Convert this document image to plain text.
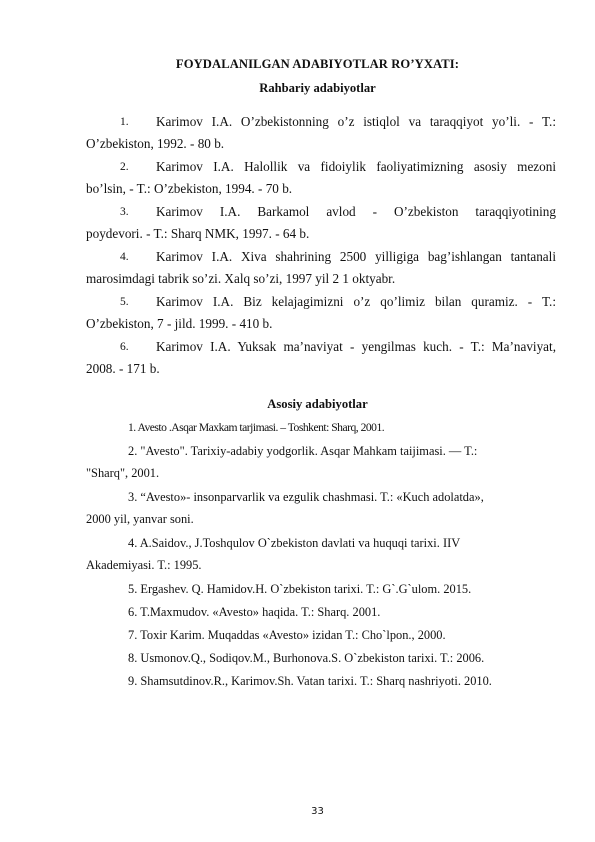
FOYDALANILGAN ADABIYOTLAR RO’YXATI:
Rahbariy adabiyotlar
1. Karimov I.A. O’zbekistonning o’z istiqlol va taraqqiyot yo’li. - T.:
O’zbekiston, 1992. - 80 b.
2. Karimov I.A. Halollik va fidoiylik faoliyatimizning asosiy mezoni
bo’lsin, - T.: O’zbekiston, 1994. - 70 b.
3. Karimov I.A. Barkamol avlod - O’zbekiston taraqqiyotining
poydevori. - T.: Sharq NMK, 1997. - 64 b.
4. Karimov I.A. Xiva shahrining 2500 yilligiga bag’ishlangan tantanali
marosimdagi tabrik so’zi. Xalq so’zi, 1997 yil 2 1 oktyabr.
5. Karimov I.A. Biz kelajagimizni o’z qo’limiz bilan quramiz. - T.:
O’zbekiston, 7 - jild. 1999. - 410 b.
6. Karimov I.A. Yuksak ma’naviyat - yengilmas kuch. - T.: Ma’naviyat,
2008. - 171 b.
Asosiy adabiyotlar
1. Avesto .Asqar Maxkam tarjimasi. – Toshkent: Sharq, 2001.
2. "Avesto". Tarixiy-adabiy yodgorlik. Asqar Mahkam taijimasi. — T.:
"Sharq", 2001.
3. “Avesto»- insonparvarlik va ezgulik chashmasi. T.: «Kuch adolatda»,
2000 yil, yanvar soni.
4. A.Saidov., J.Toshqulov O`zbekiston davlati va huquqi tarixi. IIV
Akademiyasi. T.: 1995.
5. Ergashev. Q. Hamidov.H. O`zbekiston tarixi. T.: G`.G`ulom. 2015.
6. T.Maxmudov. «Avesto» haqida. T.: Sharq. 2001.
7. Toxir Karim. Muqaddas «Avesto» izidan T.: Cho`lpon., 2000.
8. Usmonov.Q., Sodiqov.M., Burhonova.S. O`zbekiston tarixi. T.: 2006.
9. Shamsutdinov.R., Karimov.Sh. Vatan tarixi. T.: Sharq nashriyoti. 2010.
33
